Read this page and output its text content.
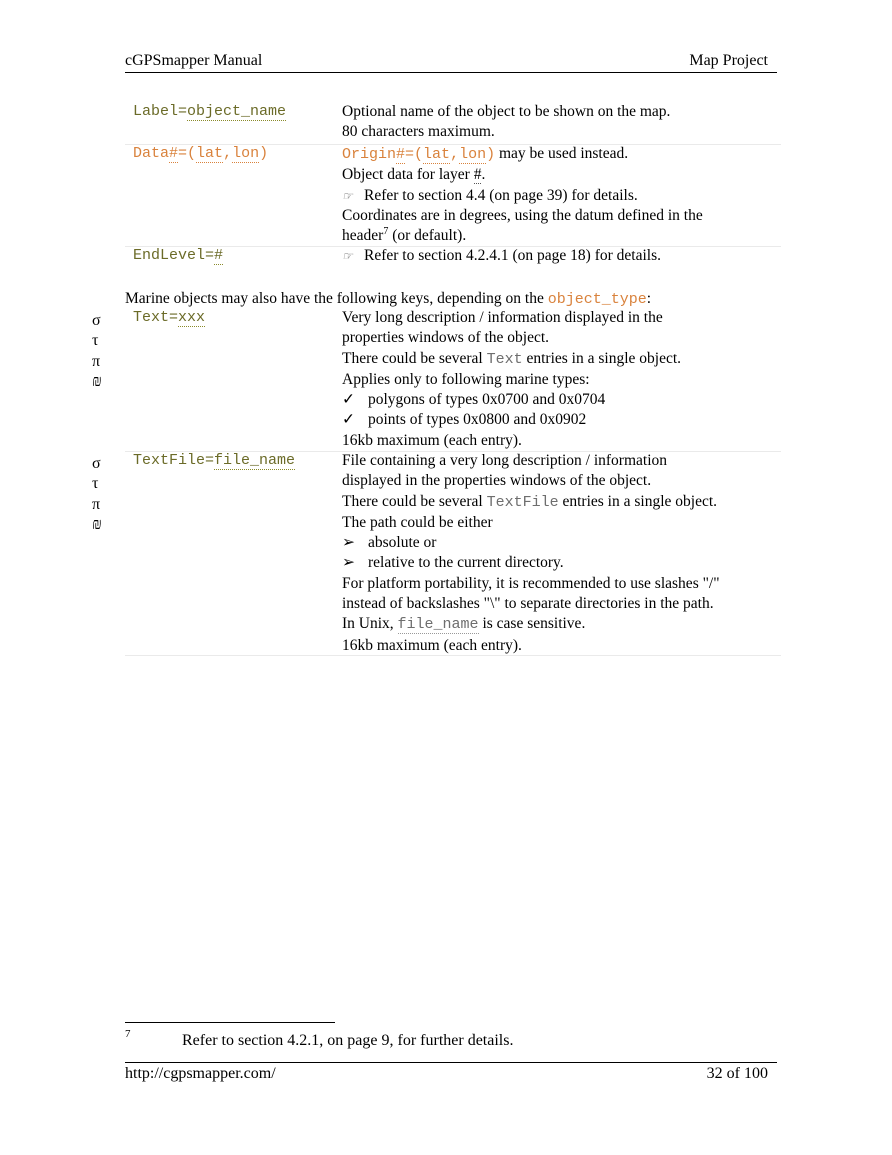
cGPSmapper Manual	Map Project
Label=object_name	Optional name of the object to be shown on the map.
80 characters maximum.
Data#=(lat,lon)	Origin#=(lat,lon) may be used instead.
Object data for layer #.
☞ Refer to section 4.4 (on page 39) for details.
Coordinates are in degrees, using the datum defined in the
header$^7$ (or default).
EndLevel=#	☞ Refer to section 4.2.4.1 (on page 18) for details.
Marine objects may also have the following keys, depending on the object_type:
σ
τ
π
₪
Text=xxx	Very long description / information displayed in the
properties windows of the object.
There could be several Text entries in a single object.
Applies only to following marine types:
✓ polygons of types 0x0700 and 0x0704
✓ points of types 0x0800 and 0x0902
16kb maximum (each entry).
σ
τ
π
₪
TextFile=file_name	File containing a very long description / information
displayed in the properties windows of the object.
There could be several TextFile entries in a single object.
The path could be either
➢ absolute or
➢ relative to the current directory.
For platform portability, it is recommended to use slashes "/"
instead of backslashes "\" to separate directories in the path.
In Unix, file_name is case sensitive.
16kb maximum (each entry).
7	Refer to section 4.2.1, on page 9, for further details.
http://cgpsmapper.com/	32 of 100
